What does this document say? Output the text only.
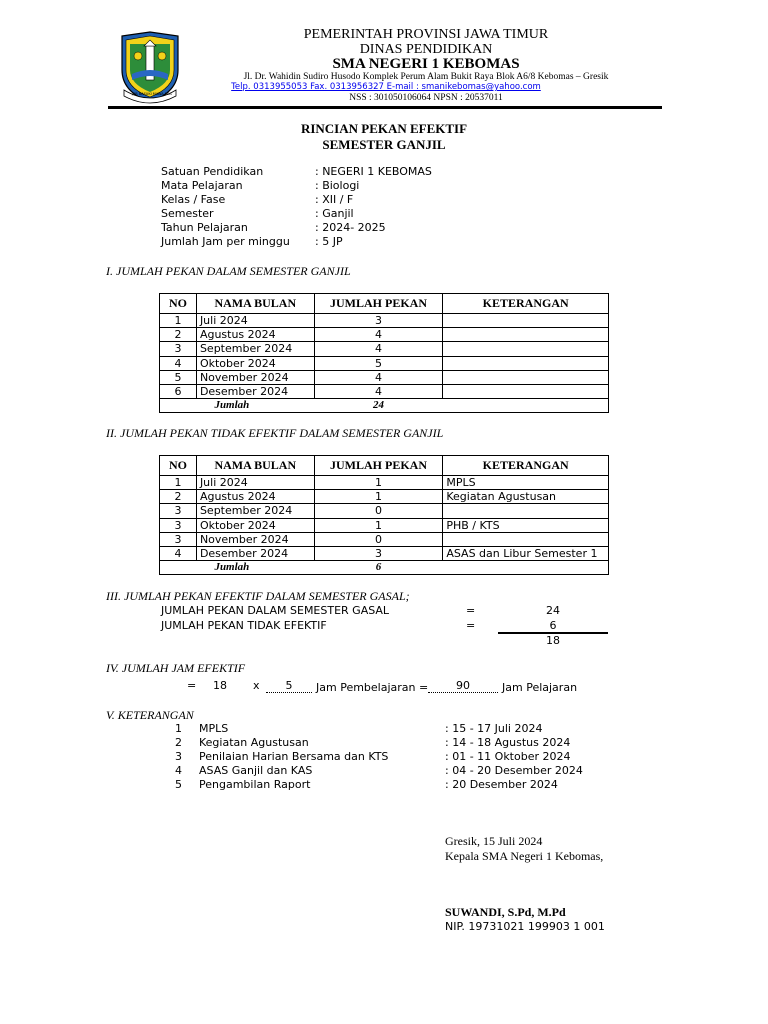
JER BASUKI MAWA BEA
PEMERINTAH PROVINSI JAWA TIMUR
DINAS PENDIDIKAN
SMA NEGERI 1 KEBOMAS
Jl. Dr. Wahidin Sudiro Husodo Komplek Perum Alam Bukit Raya Blok A6/8 Kebomas – Gresik
Telp. 0313955053 Fax. 0313956327 E-mail : smanikebomas@yahoo.com
NSS : 301050106064 NPSN : 20537011
RINCIAN PEKAN EFEKTIF
SEMESTER GANJIL
Satuan Pendidikan	: NEGERI 1 KEBOMAS
Mata Pelajaran	: Biologi
Kelas / Fase	: XII / F
Semester	: Ganjil
Tahun Pelajaran	: 2024- 2025
Jumlah Jam per minggu : 5 JP
I. JUMLAH PEKAN DALAM SEMESTER GANJIL
NO	NAMA BULAN	JUMLAH PEKAN	KETERANGAN
1	Juli 2024	3	
2	Agustus 2024	4	
3	September 2024	4	
4	Oktober 2024	5	
5	November 2024	4	
6	Desember 2024	4	
	Jumlah	24	
II. JUMLAH PEKAN TIDAK EFEKTIF DALAM SEMESTER GANJIL
NO	NAMA BULAN	JUMLAH PEKAN	KETERANGAN
1	Juli 2024	1	MPLS
2	Agustus 2024	1	Kegiatan Agustusan
3	September 2024	0	
3	Oktober 2024	1	PHB / KTS
3	November 2024	0	
4	Desember 2024	3	ASAS dan Libur Semester 1
	Jumlah	6	
III. JUMLAH PEKAN EFEKTIF DALAM SEMESTER GASAL;
JUMLAH PEKAN DALAM SEMESTER GASAL	=	24
JUMLAH PEKAN TIDAK EFEKTIF	=	6
18
IV. JUMLAH JAM EFEKTIF
= 18 x	5	Jam Pembelajaran =	90	Jam Pelajaran
V. KETERANGAN
1 MPLS	: 15 - 17 Juli 2024
2 Kegiatan Agustusan	: 14 - 18 Agustus 2024
3 Penilaian Harian Bersama dan KTS	: 01 - 11 Oktober 2024
4 ASAS Ganjil dan KAS	: 04 - 20 Desember 2024
5 Pengambilan Raport	: 20 Desember 2024
Gresik, 15 Juli 2024
Kepala SMA Negeri 1 Kebomas,
SUWANDI, S.Pd, M.Pd
NIP. 19731021 199903 1 001
